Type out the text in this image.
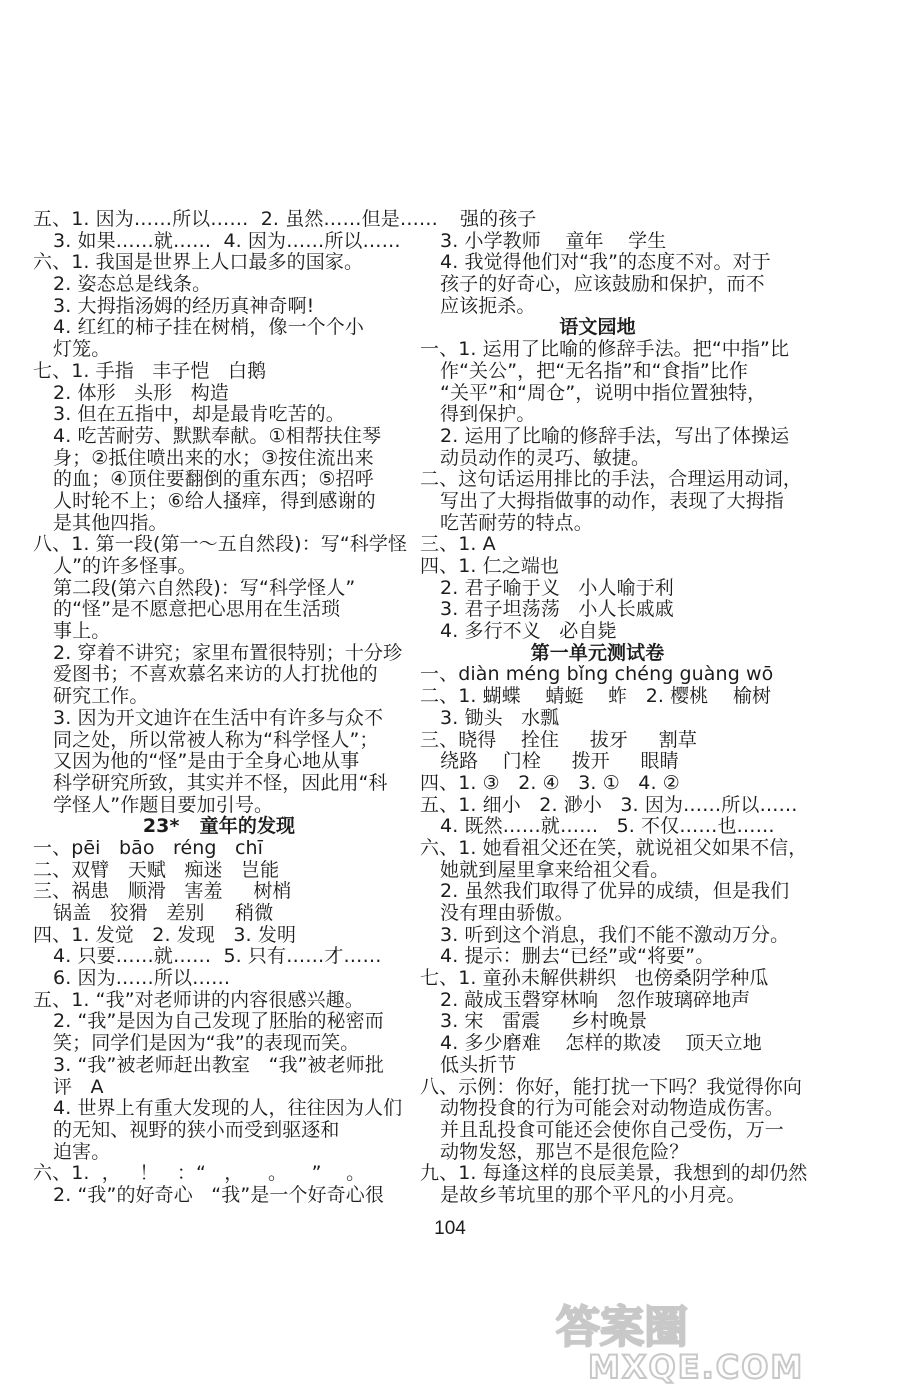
五、1. 因为……所以……  2. 虽然……但是……
3. 如果……就……  4. 因为……所以……
六、1. 我国是世界上人口最多的国家。
2. 姿态总是线条。
3. 大拇指汤姆的经历真神奇啊!
4. 红红的柿子挂在树梢，像一个个小
灯笼。
七、1. 手指   丰子恺   白鹅
2. 体形   头形   构造
3. 但在五指中，却是最肯吃苦的。
4. 吃苦耐劳、默默奉献。①相帮扶住琴
身；②抵住喷出来的水；③按住流出来
的血；④顶住要翻倒的重东西；⑤招呼
人时轮不上；⑥给人搔痒，得到感谢的
是其他四指。
八、1. 第一段(第一～五自然段)：写“科学怪
人”的许多怪事。
第二段(第六自然段)：写“科学怪人”
的“怪”是不愿意把心思用在生活琐
事上。
2. 穿着不讲究；家里布置很特别；十分珍
爱图书；不喜欢慕名来访的人打扰他的
研究工作。
3. 因为开文迪许在生活中有许多与众不
同之处，所以常被人称为“科学怪人”；
又因为他的“怪”是由于全身心地从事
科学研究所致，其实并不怪，因此用“科
学怪人”作题目要加引号。
23*   童年的发现
一、pēi   bāo   réng   chī
二、双臂   天赋   痴迷   岂能
三、祸患   顺滑   害羞     树梢
锅盖   狡猾   差别     稍微
四、1. 发觉   2. 发现   3. 发明
4. 只要……就……  5. 只有……才……
6. 因为……所以……
五、1. “我”对老师讲的内容很感兴趣。
2. “我”是因为自己发现了胚胎的秘密而
笑；同学们是因为“我”的表现而笑。
3. “我”被老师赶出教室   “我”被老师批
评   A
4. 世界上有重大发现的人，往往因为人们
的无知、视野的狭小而受到驱逐和
迫害。
六、1.  ，   ！   ：“   ，    。    ”    。
2. “我”的好奇心   “我”是一个好奇心很
强的孩子
3. 小学教师    童年    学生
4. 我觉得他们对“我”的态度不对。对于
孩子的好奇心，应该鼓励和保护，而不
应该扼杀。
语文园地
一、1. 运用了比喻的修辞手法。把“中指”比
作“关公”，把“无名指”和“食指”比作
“关平”和“周仓”，说明中指位置独特，
得到保护。
2. 运用了比喻的修辞手法，写出了体操运
动员动作的灵巧、敏捷。
二、这句话运用排比的手法，合理运用动词，
写出了大拇指做事的动作，表现了大拇指
吃苦耐劳的特点。
三、1. A
四、1. 仁之端也
2. 君子喻于义   小人喻于利
3. 君子坦荡荡   小人长戚戚
4. 多行不义   必自毙
第一单元测试卷
一、diàn méng bǐng chéng guàng wō
二、1. 蝴蝶    蜻蜓    蚱   2. 樱桃    榆树
3. 锄头   水瓢
三、晓得    拴住     拔牙     割草
绕路    门栓     拨开     眼睛
四、1. ③   2. ④   3. ①   4. ②
五、1. 细小   2. 渺小   3. 因为……所以……
4. 既然……就……   5. 不仅……也……
六、1. 她看祖父还在笑，就说祖父如果不信，
她就到屋里拿来给祖父看。
2. 虽然我们取得了优异的成绩，但是我们
没有理由骄傲。
3. 听到这个消息，我们不能不激动万分。
4. 提示：删去“已经”或“将要”。
七、1. 童孙未解供耕织   也傍桑阴学种瓜
2. 敲成玉磬穿林响   忽作玻璃碎地声
3. 宋   雷震     乡村晚景
4. 多少磨难    怎样的欺凌    顶天立地
低头折节
八、示例：你好，能打扰一下吗？我觉得你向
动物投食的行为可能会对动物造成伤害。
并且乱投食可能还会使你自己受伤，万一
动物发怒，那岂不是很危险？
九、1. 每逢这样的良辰美景，我想到的却仍然
是故乡苇坑里的那个平凡的小月亮。
104
答案圈
MXQE.COM
